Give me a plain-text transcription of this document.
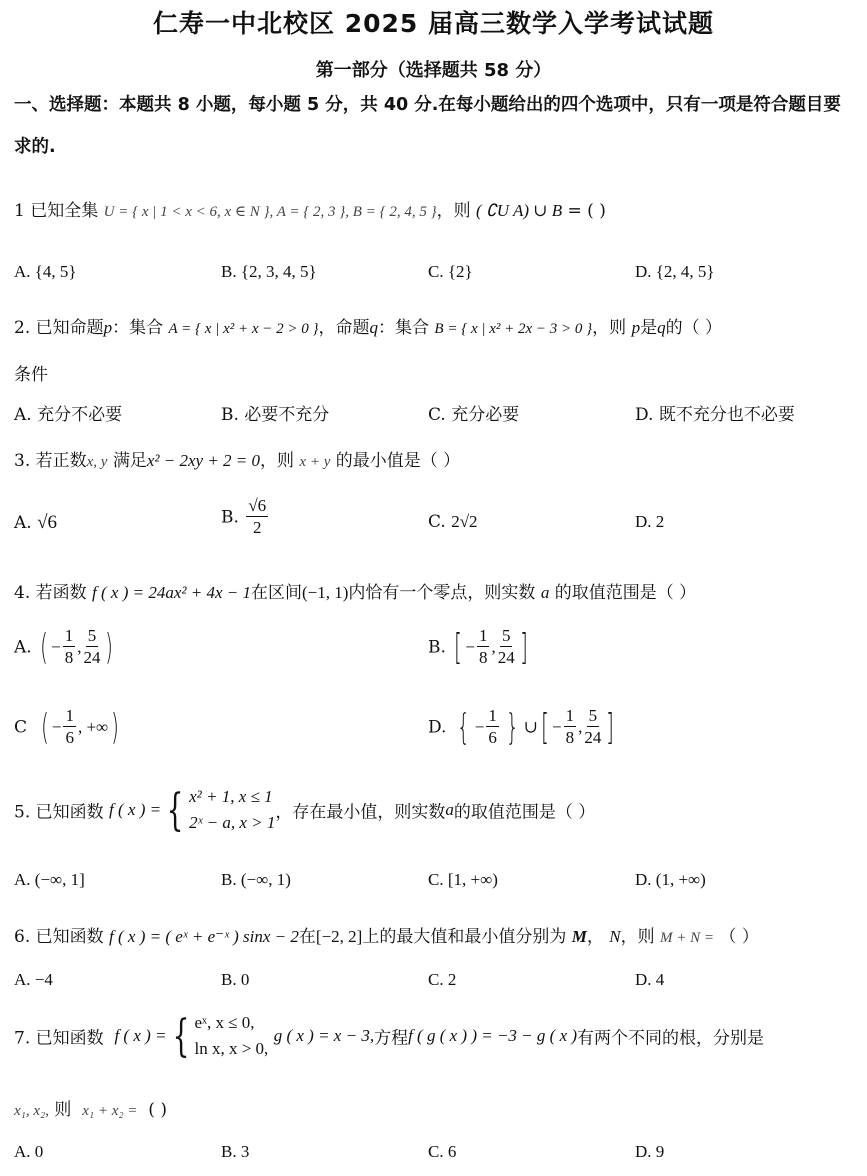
仁寿一中北校区 2025 届高三数学入学考试试题
第一部分（选择题共 58 分）
一、选择题：本题共 8 小题，每小题 5 分，共 40 分.在每小题给出的四个选项中，只有一项是符合题目要求的.
1 已知全集 U = { x | 1 < x < 6, x ∈ N }, A = { 2, 3 }, B = { 2, 4, 5 }，则 ( ∁U A) ∪ B = ( )
A. {4, 5}	B. {2, 3, 4, 5}	C. {2}	D. {2, 4, 5}
2. 已知命题p：集合 A = { x | x² + x − 2 > 0 }，命题q：集合 B = { x | x² + 2x − 3 > 0 }，则 p是q的（ ）
条件
A. 充分不必要	B. 必要不充分	C. 充分必要	D. 既不充分也不必要
3. 若正数x, y 满足x² − 2xy + 2 = 0，则 x + y 的最小值是（ ）
A. √6	B. $\frac{√6}{2}$	C. 2√2	D. 2
4. 若函数 f ( x ) = 24ax² + 4x − 1在区间(−1, 1)内恰有一个零点，则实数 a 的取值范围是（ ）
A. ( − $\frac{1}{8}$ , $\frac{5}{24}$ )	B. [ − $\frac{1}{8}$ , $\frac{5}{24}$ ]
C ( − $\frac{1}{6}$ , +∞)	D. { − $\frac{1}{6}$ } ∪[ − $\frac{1}{8}$ , $\frac{5}{24}$ ]
5. 已知函数 f ( x ) = { x² + 1, x ≤ 1
2ˣ − a, x > 1 ，存在最小值，则实数a的取值范围是（ ）
A. (−∞, 1]	B. (−∞, 1)	C. [1, +∞)	D. (1, +∞)
6. 已知函数 f ( x ) = ( eˣ + e⁻ˣ ) sinx − 2在[−2, 2]上的最大值和最小值分别为 M， N，则 M + N = （ ）
A. −4	B. 0	C. 2	D. 4
7. 已知函数 f ( x ) = { eˣ, x ≤ 0,
ln x, x > 0,
g ( x ) = x − 3,方程f ( g ( x ) ) = −3 − g ( x )有两个不同的根，分别是
x₁, x₂, 则 x₁ + x₂ = ( )
A. 0	B. 3	C. 6	D. 9
